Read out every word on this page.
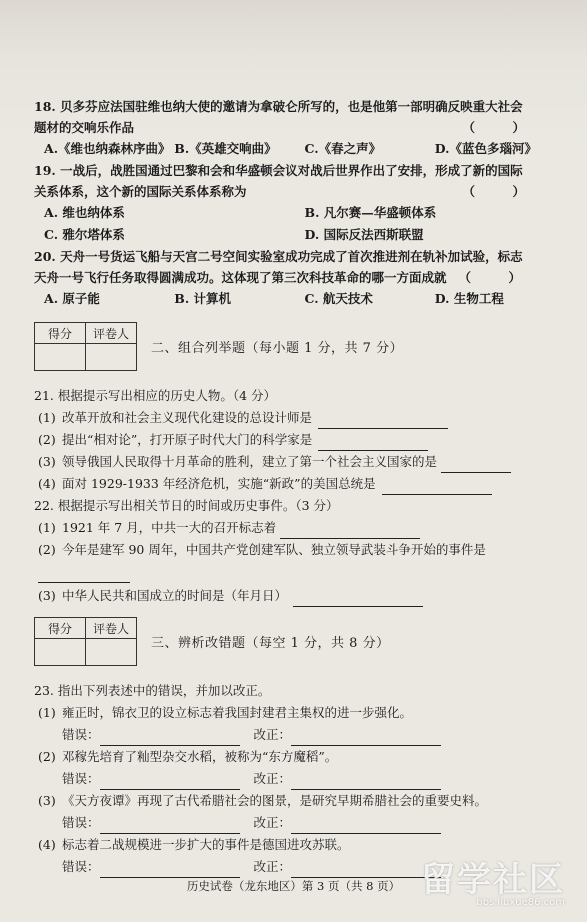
18. 贝多芬应法国驻维也纳大使的邀请为拿破仑所写的，也是他第一部明确反映重大社会
题材的交响乐作品	（　　　）
A.《维也纳森林序曲》 B.《英雄交响曲》	C.《春之声》	D.《蓝色多瑙河》
19. 一战后，战胜国通过巴黎和会和华盛顿会议对战后世界作出了安排，形成了新的国际
关系体系，这个新的国际关系体系称为	（　　　）
A. 维也纳体系	B. 凡尔赛—华盛顿体系
C. 雅尔塔体系	D. 国际反法西斯联盟
20. 天舟一号货运飞船与天宫二号空间实验室成功完成了首次推进剂在轨补加试验，标志
天舟一号飞行任务取得圆满成功。这体现了第三次科技革命的哪一方面成就 （　　　）
A. 原子能	B. 计算机	C. 航天技术	D. 生物工程
得分	评卷人

二、组合列举题（每小题 1 分，共 7 分）
21. 根据提示写出相应的历史人物。（4 分）
(1) 改革开放和社会主义现代化建设的总设计师是
(2) 提出“相对论”，打开原子时代大门的科学家是
(3) 领导俄国人民取得十月革命的胜利，建立了第一个社会主义国家的是
(4) 面对 1929-1933 年经济危机，实施“新政”的美国总统是
22. 根据提示写出相关节日的时间或历史事件。（3 分）
(1) 1921 年 7 月，中共一大的召开标志着
(2) 今年是建军 90 周年，中国共产党创建军队、独立领导武装斗争开始的事件是
(3) 中华人民共和国成立的时间是（年月日）
得分	评卷人

三、辨析改错题（每空 1 分，共 8 分）
23. 指出下列表述中的错误，并加以改正。
(1) 雍正时，锦衣卫的设立标志着我国封建君主集权的进一步强化。
错误：	改正：
(2) 邓稼先培育了籼型杂交水稻，被称为“东方魔稻”。
错误：	改正：
(3) 《天方夜谭》再现了古代希腊社会的图景，是研究早期希腊社会的重要史料。
错误：	改正：
(4) 标志着二战规模进一步扩大的事件是德国进攻苏联。
错误：	改正：
历史试卷（龙东地区）第 3 页（共 8 页） 留学社区
bbs.liuxue86.com
